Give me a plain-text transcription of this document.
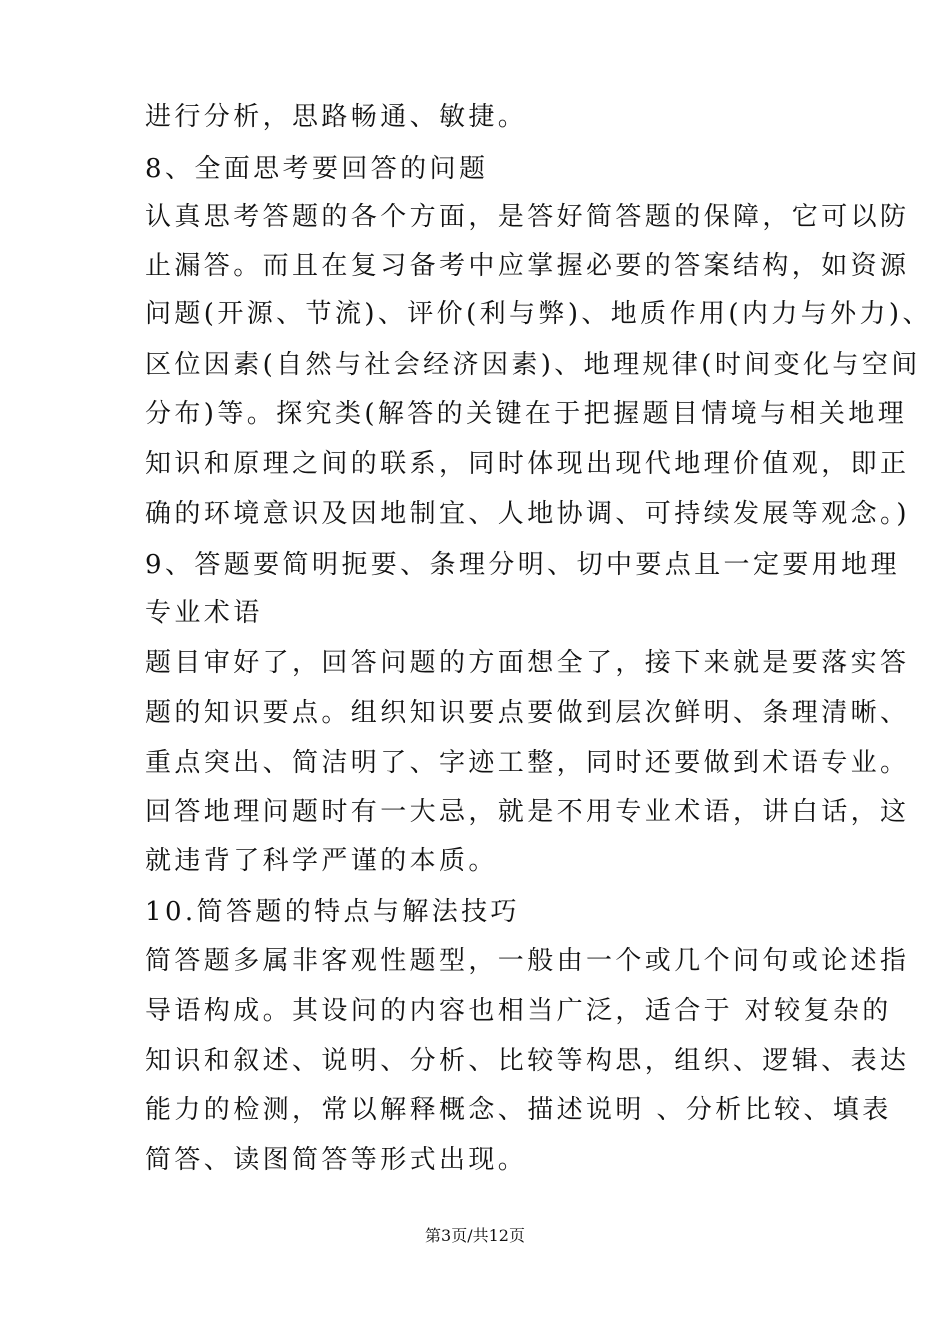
进行分析，思路畅通、敏捷。
8、全面思考要回答的问题
认真思考答题的各个方面，是答好简答题的保障，它可以防
止漏答。而且在复习备考中应掌握必要的答案结构，如资源
问题(开源、节流)、评价(利与弊)、地质作用(内力与外力)、
区位因素(自然与社会经济因素)、地理规律(时间变化与空间
分布)等。探究类(解答的关键在于把握题目情境与相关地理
知识和原理之间的联系，同时体现出现代地理价值观，即正
确的环境意识及因地制宜、人地协调、可持续发展等观念。)
9、答题要简明扼要、条理分明、切中要点且一定要用地理
专业术语
题目审好了，回答问题的方面想全了，接下来就是要落实答
题的知识要点。组织知识要点要做到层次鲜明、条理清晰、
重点突出、简洁明了、字迹工整，同时还要做到术语专业。
回答地理问题时有一大忌，就是不用专业术语，讲白话，这
就违背了科学严谨的本质。
10.简答题的特点与解法技巧
简答题多属非客观性题型，一般由一个或几个问句或论述指
导语构成。其设问的内容也相当广泛，适合于 对较复杂的
知识和叙述、说明、分析、比较等构思，组织、逻辑、表达
能力的检测，常以解释概念、描述说明 、分析比较、填表
简答、读图简答等形式出现。
第3页/共12页
